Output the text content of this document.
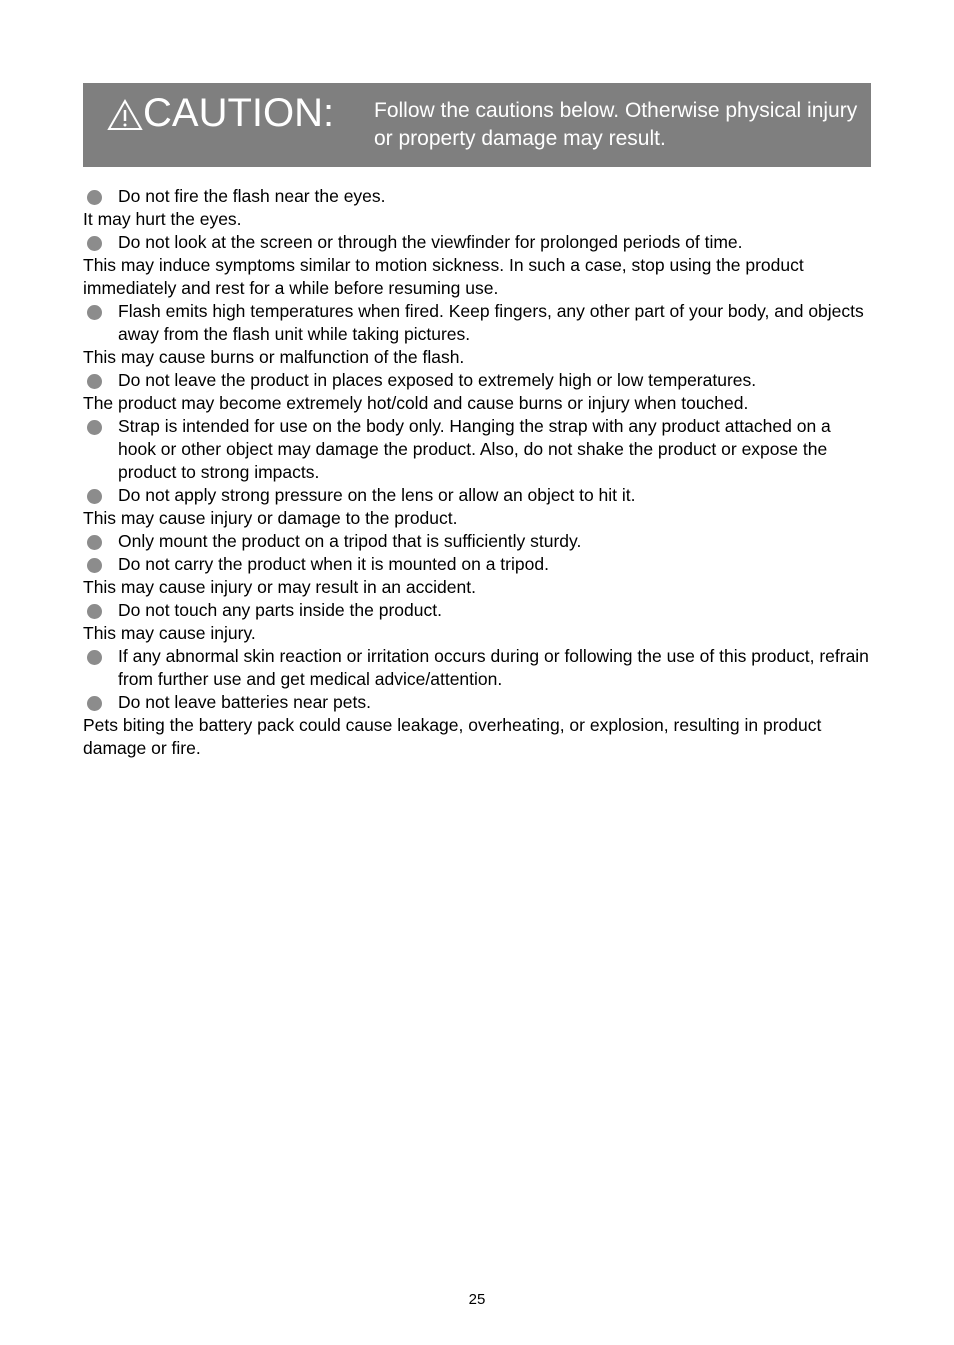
CAUTION: Follow the cautions below. Otherwise physical injury or property damage may result.
Do not fire the flash near the eyes.
It may hurt the eyes.
Do not look at the screen or through the viewfinder for prolonged periods of time.
This may induce symptoms similar to motion sickness. In such a case, stop using the product immediately and rest for a while before resuming use.
Flash emits high temperatures when fired. Keep fingers, any other part of your body, and objects away from the flash unit while taking pictures.
This may cause burns or malfunction of the flash.
Do not leave the product in places exposed to extremely high or low temperatures.
The product may become extremely hot/cold and cause burns or injury when touched.
Strap is intended for use on the body only. Hanging the strap with any product attached on a hook or other object may damage the product. Also, do not shake the product or expose the product to strong impacts.
Do not apply strong pressure on the lens or allow an object to hit it.
This may cause injury or damage to the product.
Only mount the product on a tripod that is sufficiently sturdy.
Do not carry the product when it is mounted on a tripod.
This may cause injury or may result in an accident.
Do not touch any parts inside the product.
This may cause injury.
If any abnormal skin reaction or irritation occurs during or following the use of this product, refrain from further use and get medical advice/attention.
Do not leave batteries near pets.
Pets biting the battery pack could cause leakage, overheating, or explosion, resulting in product damage or fire.
25
